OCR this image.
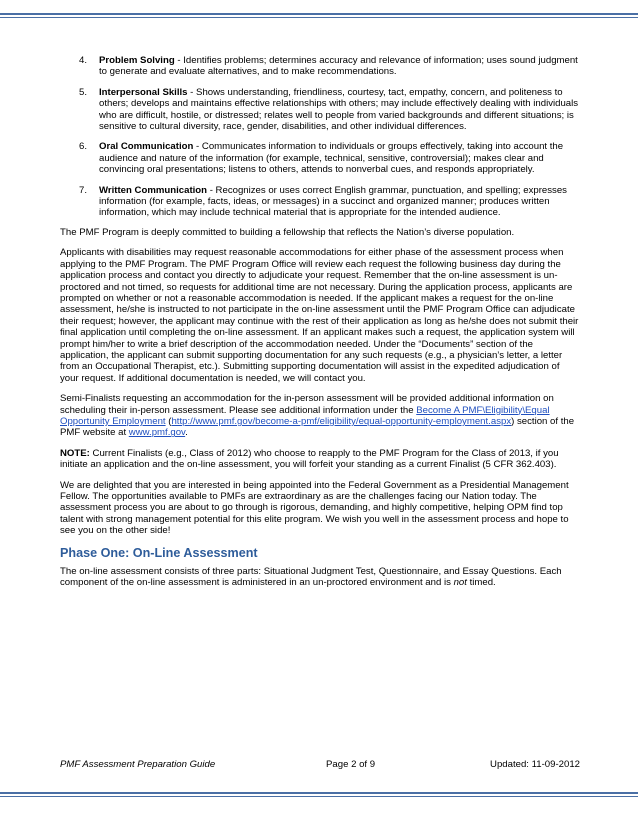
4. Problem Solving - Identifies problems; determines accuracy and relevance of information; uses sound judgment to generate and evaluate alternatives, and to make recommendations.
5. Interpersonal Skills - Shows understanding, friendliness, courtesy, tact, empathy, concern, and politeness to others; develops and maintains effective relationships with others; may include effectively dealing with individuals who are difficult, hostile, or distressed; relates well to people from varied backgrounds and different situations; is sensitive to cultural diversity, race, gender, disabilities, and other individual differences.
6. Oral Communication - Communicates information to individuals or groups effectively, taking into account the audience and nature of the information (for example, technical, sensitive, controversial); makes clear and convincing oral presentations; listens to others, attends to nonverbal cues, and responds appropriately.
7. Written Communication - Recognizes or uses correct English grammar, punctuation, and spelling; expresses information (for example, facts, ideas, or messages) in a succinct and organized manner; produces written information, which may include technical material that is appropriate for the intended audience.

The PMF Program is deeply committed to building a fellowship that reflects the Nation’s diverse population.

Applicants with disabilities may request reasonable accommodations for either phase of the assessment process when applying to the PMF Program. The PMF Program Office will review each request the following business day during the application process and contact you directly to adjudicate your request. Remember that the on-line assessment is un-proctored and not timed, so requests for additional time are not necessary. During the application process, applicants are prompted on whether or not a reasonable accommodation is needed. If the applicant makes a request for the on-line assessment, he/she is instructed to not participate in the on-line assessment until the PMF Program Office can adjudicate their request; however, the applicant may continue with the rest of their application as long as he/she does not submit their final application until completing the on-line assessment. If an applicant makes such a request, the application system will prompt him/her to write a brief description of the accommodation needed. Under the “Documents” section of the application, the applicant can submit supporting documentation for any such requests (e.g., a physician’s letter, a letter from an Occupational Therapist, etc.). Submitting supporting documentation will assist in the expedited adjudication of your request. If additional documentation is needed, we will contact you.

Semi-Finalists requesting an accommodation for the in-person assessment will be provided additional information on scheduling their in-person assessment. Please see additional information under the Become A PMF\Eligibility\Equal Opportunity Employment (http://www.pmf.gov/become-a-pmf/eligibility/equal-opportunity-employment.aspx) section of the PMF website at www.pmf.gov.

NOTE: Current Finalists (e.g., Class of 2012) who choose to reapply to the PMF Program for the Class of 2013, if you initiate an application and the on-line assessment, you will forfeit your standing as a current Finalist (5 CFR 362.403).

We are delighted that you are interested in being appointed into the Federal Government as a Presidential Management Fellow. The opportunities available to PMFs are extraordinary as are the challenges facing our Nation today. The assessment process you are about to go through is rigorous, demanding, and highly competitive, helping OPM find top talent with strong management potential for this elite program. We wish you well in the assessment process and hope to see you on the other side!

Phase One: On-Line Assessment

The on-line assessment consists of three parts: Situational Judgment Test, Questionnaire, and Essay Questions. Each component of the on-line assessment is administered in an un-proctored environment and is not timed.

PMF Assessment Preparation Guide	Page 2 of 9	Updated: 11-09-2012
